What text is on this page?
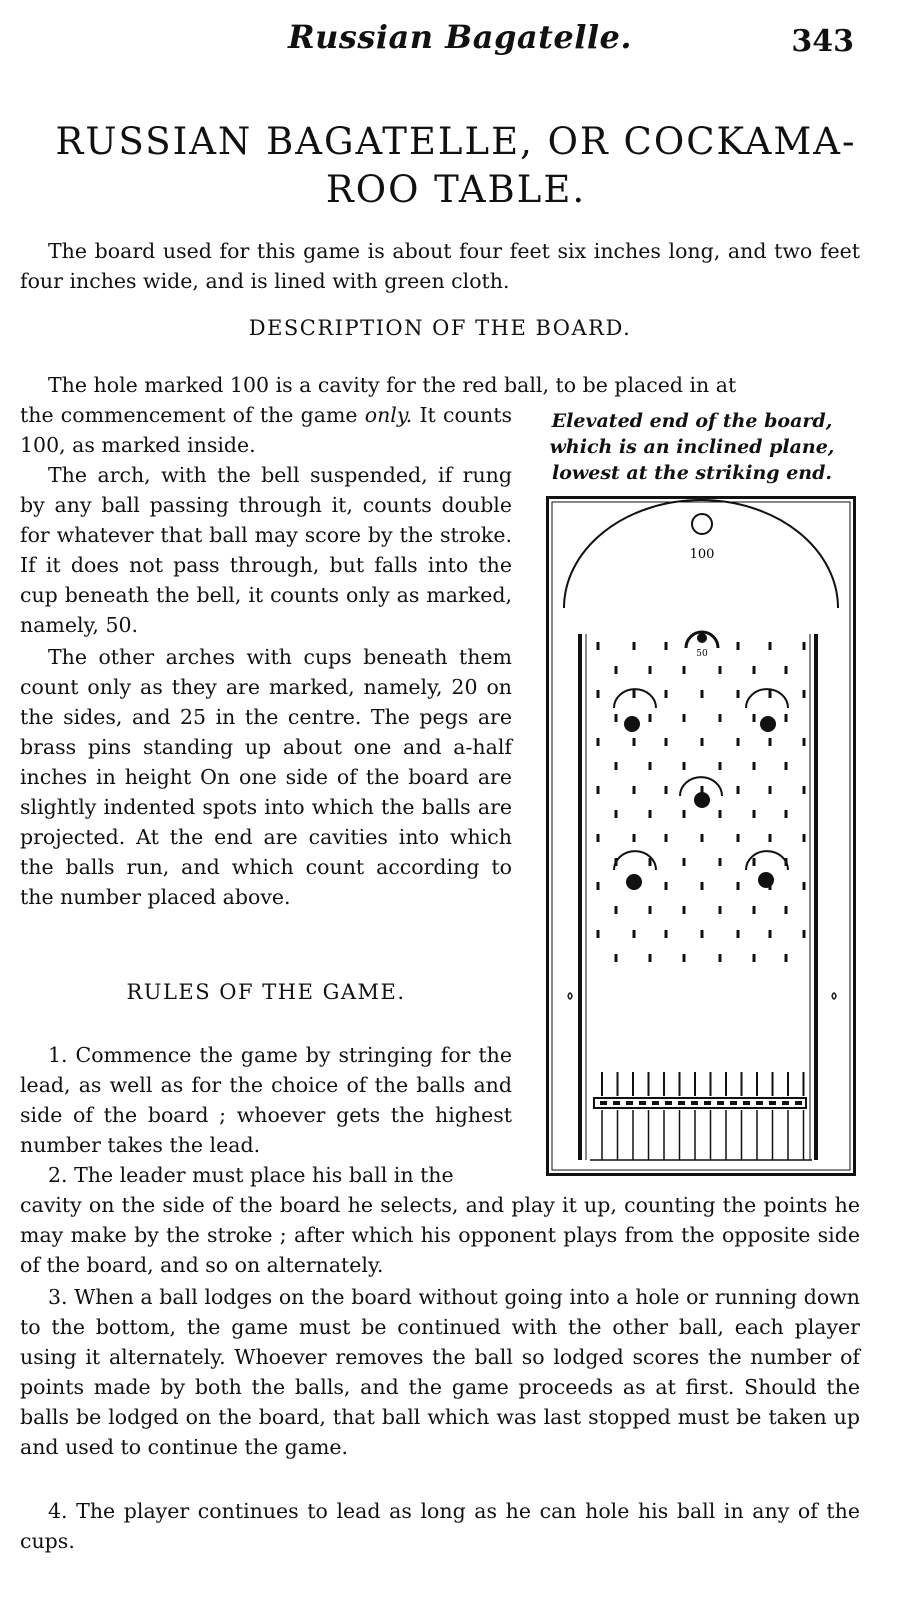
Russian Bagatelle.	343
RUSSIAN BAGATELLE, OR COCKAMA-
ROO TABLE.

The board used for this game is about four feet six inches long, and two feet four inches wide, and is lined with green cloth.

DESCRIPTION OF THE BOARD.

The hole marked 100 is a cavity for the red ball, to be placed in at

the commencement of the game only. It counts 100, as marked inside.

Elevated end of the board, which is an inclined plane, lowest at the striking end.

The arch, with the bell suspended, if rung by any ball passing through it, counts double for whatever that ball may score by the stroke. If it does not pass through, but falls into the cup beneath the bell, it counts only as marked, namely, 50.

The other arches with cups beneath them count only as they are marked, namely, 20 on the sides, and 25 in the centre. The pegs are brass pins standing up about one and a-half inches in height On one side of the board are slightly indented spots into which the balls are projected. At the end are cavities into which the balls run, and which count according to the number placed above.

RULES OF THE GAME.

1. Commence the game by stringing for the lead, as well as for the choice of the balls and side of the board ; whoever gets the highest number takes the lead.

2. The leader must place his ball in the

cavity on the side of the board he selects, and play it up, counting the points he may make by the stroke ; after which his opponent plays from the opposite side of the board, and so on alternately.

3. When a ball lodges on the board without going into a hole or running down to the bottom, the game must be continued with the other ball, each player using it alternately. Whoever removes the ball so lodged scores the number of points made by both the balls, and the game proceeds as at first. Should the balls be lodged on the board, that ball which was last stopped must be taken up and used to continue the game.

4. The player continues to lead as long as he can hole his ball in any of the cups.

100
50
